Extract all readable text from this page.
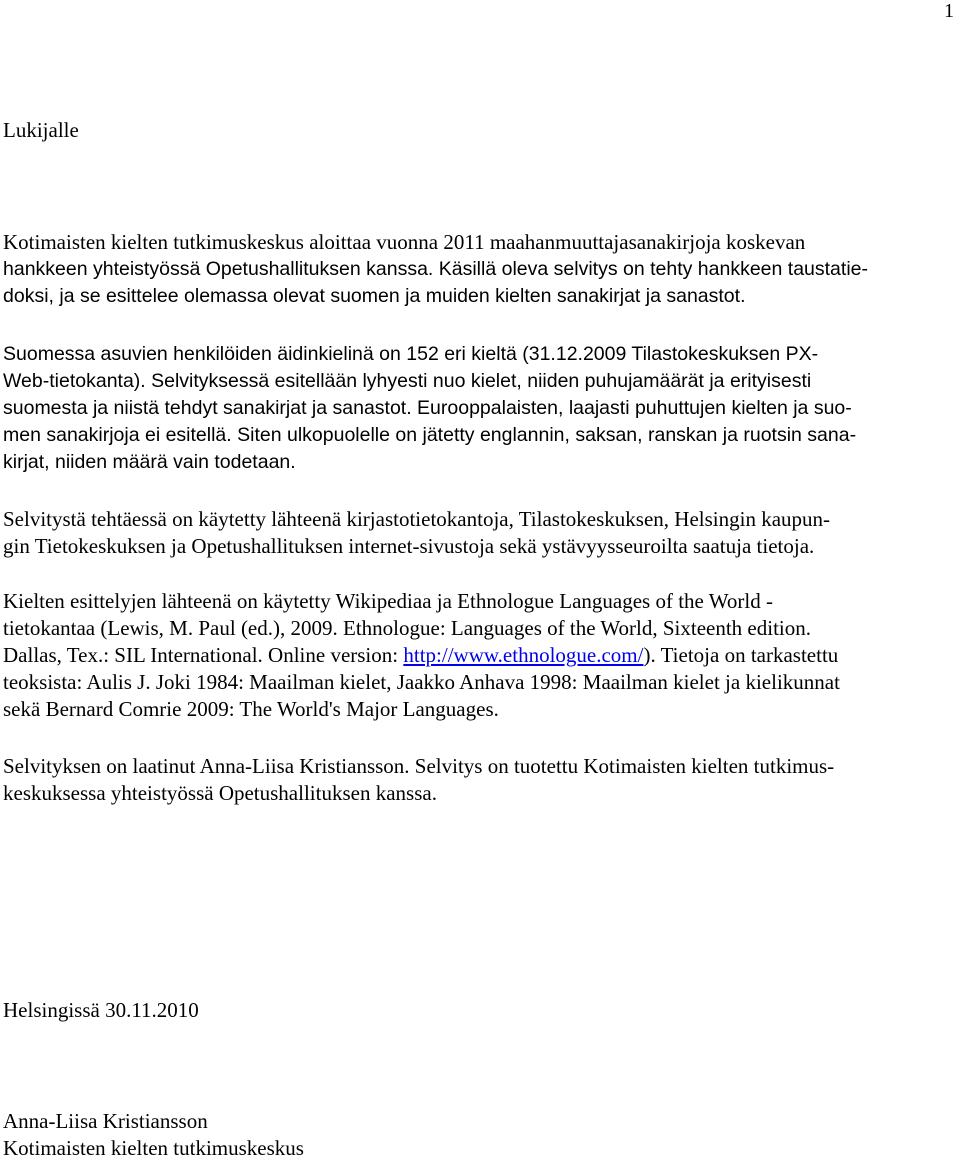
1
Lukijalle
Kotimaisten kielten tutkimuskeskus aloittaa vuonna 2011 maahanmuuttajasanakirjoja koskevan
hankkeen yhteistyössä Opetushallituksen kanssa. Käsillä oleva selvitys on tehty hankkeen taustatie-
doksi, ja se esittelee olemassa olevat suomen ja muiden kielten sanakirjat ja sanastot.
Suomessa asuvien henkilöiden äidinkielinä on 152 eri kieltä (31.12.2009 Tilastokeskuksen PX-
Web-tietokanta). Selvityksessä esitellään lyhyesti nuo kielet, niiden puhujamäärät ja erityisesti
suomesta ja niistä tehdyt sanakirjat ja sanastot. Eurooppalaisten, laajasti puhuttujen kielten ja suo-
men sanakirjoja ei esitellä. Siten ulkopuolelle on jätetty englannin, saksan, ranskan ja ruotsin sana-
kirjat, niiden määrä vain todetaan.
Selvitystä tehtäessä on käytetty lähteenä kirjastotietokantoja, Tilastokeskuksen, Helsingin kaupun-
gin Tietokeskuksen ja Opetushallituksen internet-sivustoja sekä ystävyysseuroilta saatuja tietoja.
Kielten esittelyjen lähteenä on käytetty Wikipediaa ja Ethnologue Languages of the World -
tietokantaa (Lewis, M. Paul (ed.), 2009. Ethnologue: Languages of the World, Sixteenth edition.
Dallas, Tex.: SIL International. Online version: http://www.ethnologue.com/). Tietoja on tarkastettu
teoksista: Aulis J. Joki 1984: Maailman kielet, Jaakko Anhava 1998: Maailman kielet ja kielikunnat
sekä Bernard Comrie 2009: The World's Major Languages.
Selvityksen on laatinut Anna-Liisa Kristiansson. Selvitys on tuotettu Kotimaisten kielten tutkimus-
keskuksessa yhteistyössä Opetushallituksen kanssa.
Helsingissä 30.11.2010
Anna-Liisa Kristiansson
Kotimaisten kielten tutkimuskeskus
